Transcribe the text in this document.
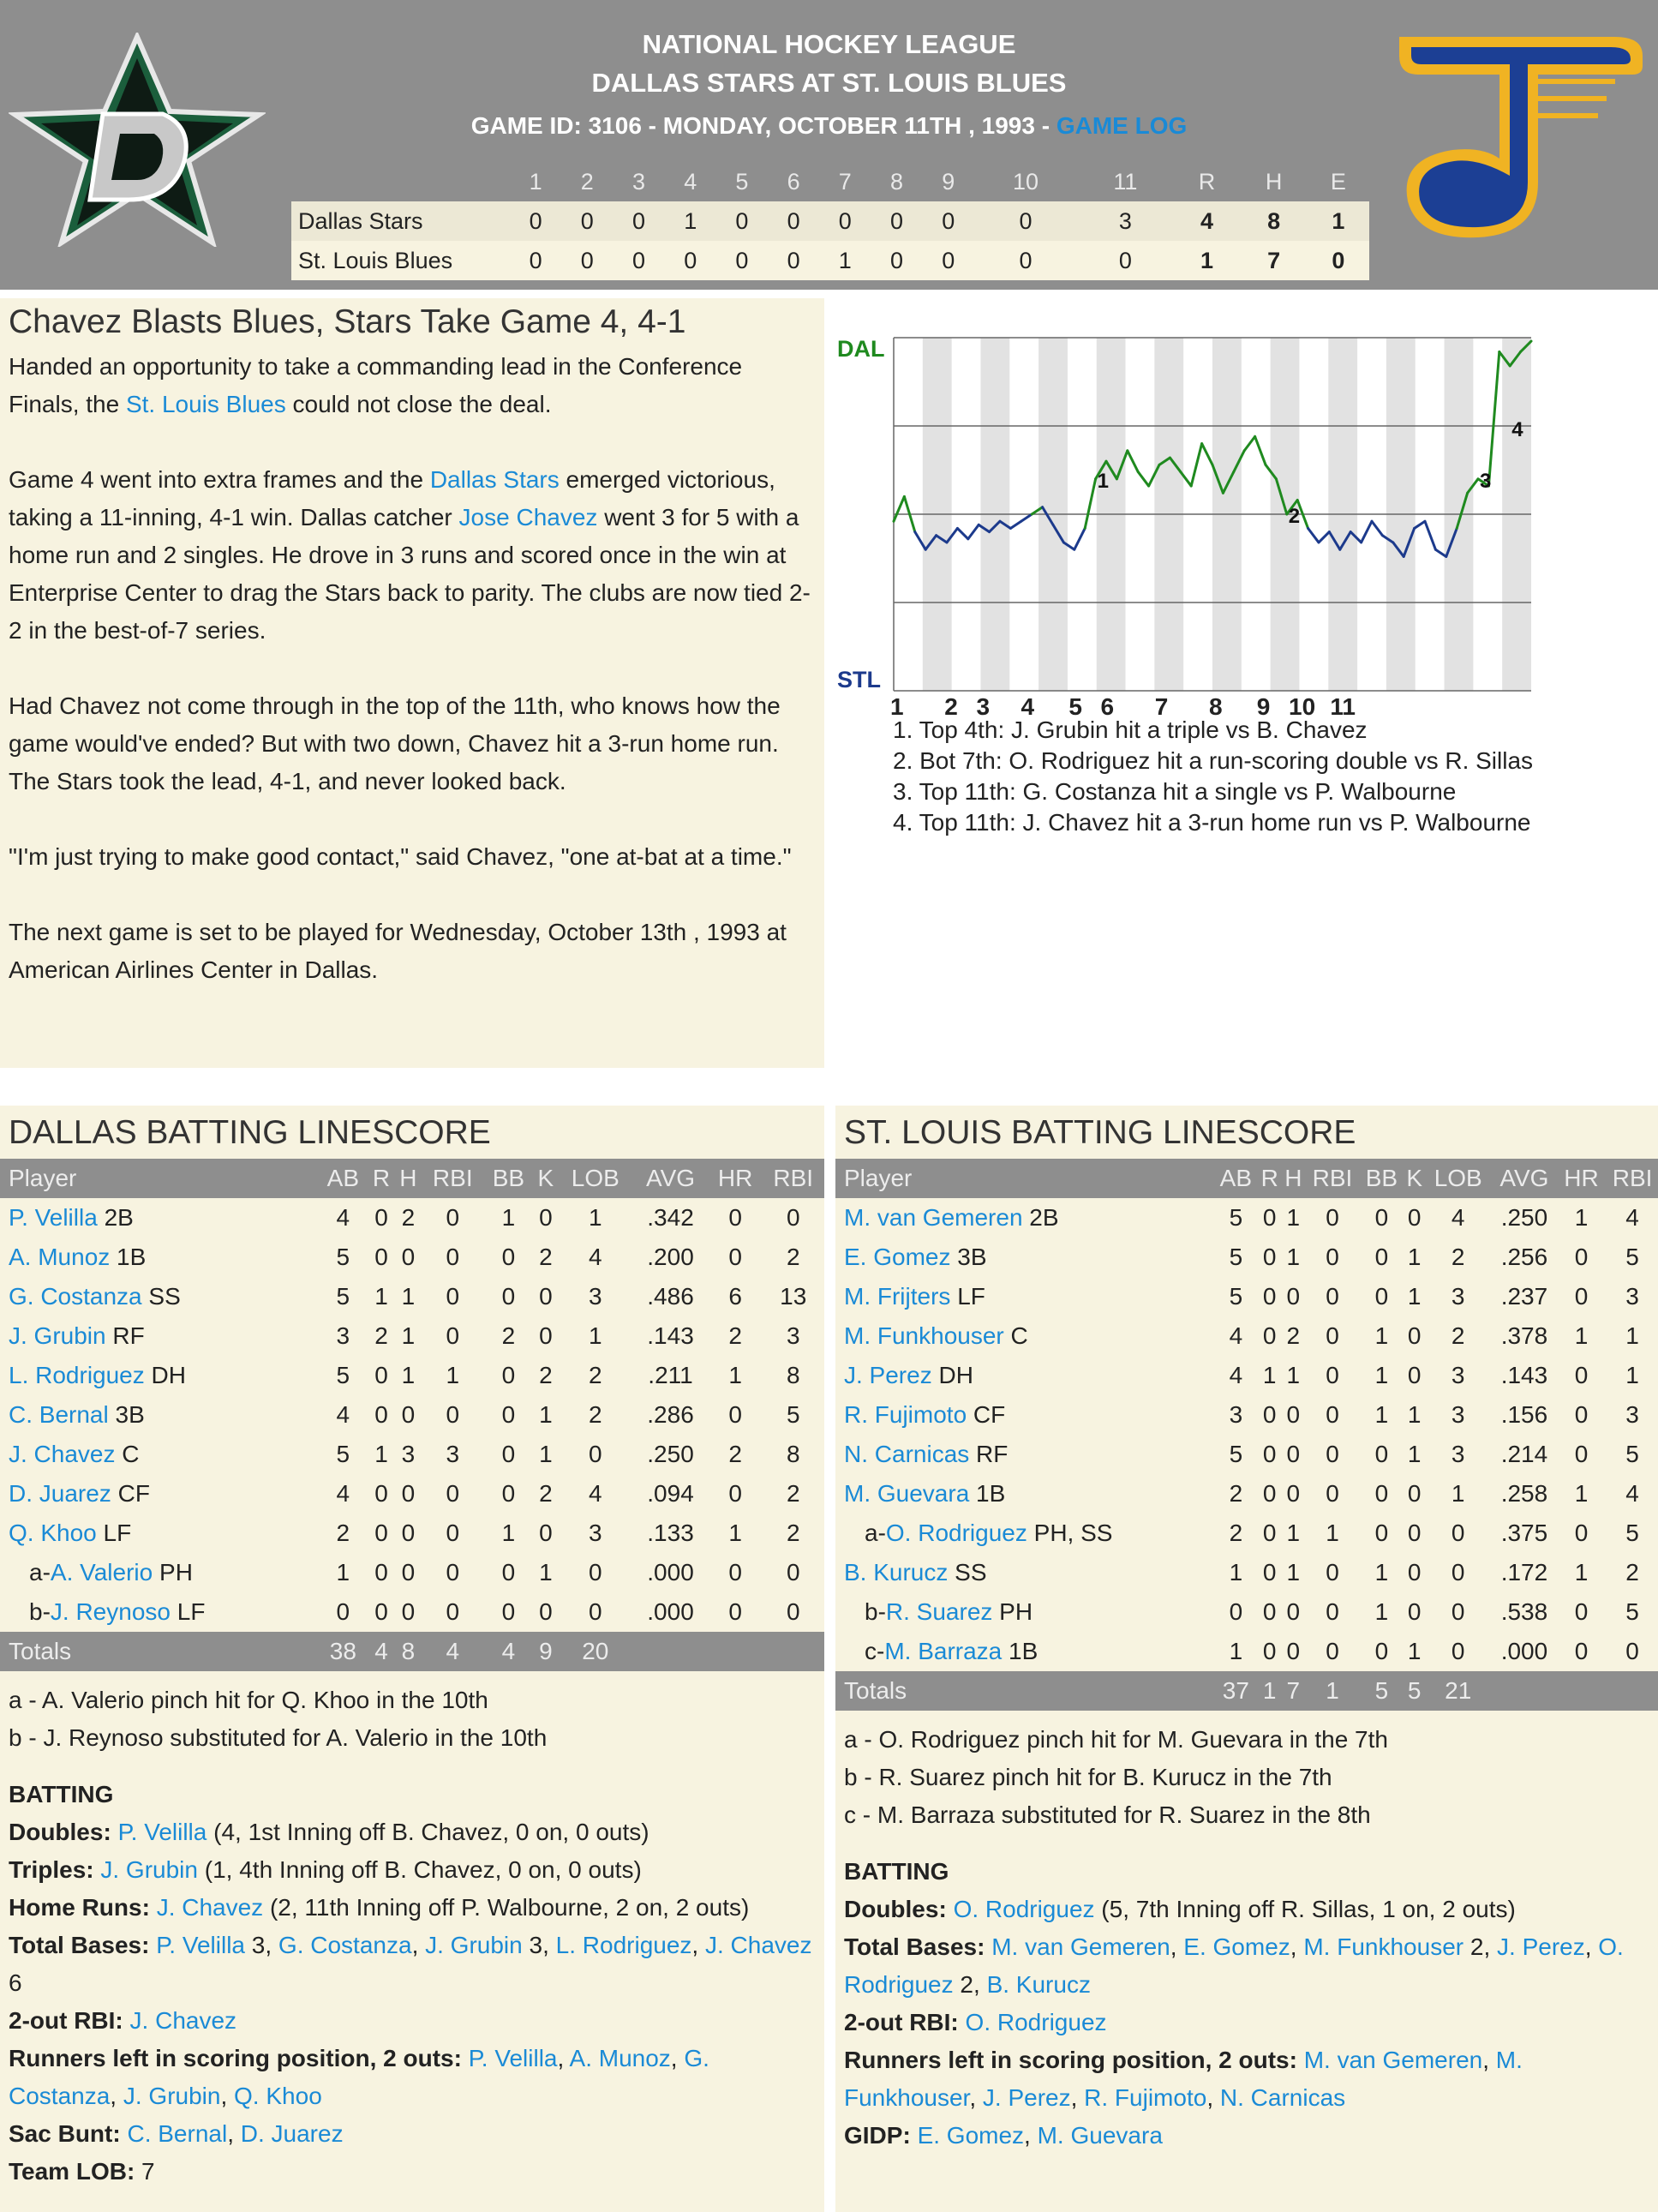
NATIONAL HOCKEY LEAGUE
DALLAS STARS AT ST. LOUIS BLUES
GAME ID: 3106 - MONDAY, OCTOBER 11TH , 1993 - GAME LOG
	1	2	3	4	5	6	7	8	9	10	11	R	H	E
Dallas Stars	0	0	0	1	0	0	0	0	0	0	3	4	8	1
St. Louis Blues	0	0	0	0	0	0	1	0	0	0	0	1	7	0
Chavez Blasts Blues, Stars Take Game 4, 4-1

Handed an opportunity to take a commanding lead in the Conference Finals, the St. Louis Blues could not close the deal.

Game 4 went into extra frames and the Dallas Stars emerged victorious, taking a 11-inning, 4-1 win. Dallas catcher Jose Chavez went 3 for 5 with a home run and 2 singles. He drove in 3 runs and scored once in the win at Enterprise Center to drag the Stars back to parity. The clubs are now tied 2-2 in the best-of-7 series.

Had Chavez not come through in the top of the 11th, who knows how the game would've ended? But with two down, Chavez hit a 3-run home run. The Stars took the lead, 4-1, and never looked back.

"I'm just trying to make good contact," said Chavez, "one at-bat at a time."

The next game is set to be played for Wednesday, October 13th , 1993 at American Airlines Center in Dallas.

DAL
STL
1 2 3 4 5 6 7 8 9 10 11
1
2
3
4
1. Top 4th: J. Grubin hit a triple vs B. Chavez
2. Bot 7th: O. Rodriguez hit a run-scoring double vs R. Sillas
3. Top 11th: G. Costanza hit a single vs P. Walbourne
4. Top 11th: J. Chavez hit a 3-run home run vs P. Walbourne
DALLAS BATTING LINESCORE
Player	AB	R	H	RBI	BB	K	LOB	AVG	HR	RBI
P. Velilla 2B	4	0	2	0	1	0	1	.342	0	0
A. Munoz 1B	5	0	0	0	0	2	4	.200	0	2
G. Costanza SS	5	1	1	0	0	0	3	.486	6	13
J. Grubin RF	3	2	1	0	2	0	1	.143	2	3
L. Rodriguez DH	5	0	1	1	0	2	2	.211	1	8
C. Bernal 3B	4	0	0	0	0	1	2	.286	0	5
J. Chavez C	5	1	3	3	0	1	0	.250	2	8
D. Juarez CF	4	0	0	0	0	2	4	.094	0	2
Q. Khoo LF	2	0	0	0	1	0	3	.133	1	2
a-A. Valerio PH	1	0	0	0	0	1	0	.000	0	0
b-J. Reynoso LF	0	0	0	0	0	0	0	.000	0	0
Totals	38	4	8	4	4	9	20			
a - A. Valerio pinch hit for Q. Khoo in the 10th
b - J. Reynoso substituted for A. Valerio in the 10th
BATTING
Doubles: P. Velilla (4, 1st Inning off B. Chavez, 0 on, 0 outs)
Triples: J. Grubin (1, 4th Inning off B. Chavez, 0 on, 0 outs)
Home Runs: J. Chavez (2, 11th Inning off P. Walbourne, 2 on, 2 outs)
Total Bases: P. Velilla 3, G. Costanza, J. Grubin 3, L. Rodriguez, J. Chavez 6
2-out RBI: J. Chavez
Runners left in scoring position, 2 outs: P. Velilla, A. Munoz, G. Costanza, J. Grubin, Q. Khoo
Sac Bunt: C. Bernal, D. Juarez
Team LOB: 7
ST. LOUIS BATTING LINESCORE
Player	AB	R	H	RBI	BB	K	LOB	AVG	HR	RBI
M. van Gemeren 2B	5	0	1	0	0	0	4	.250	1	4
E. Gomez 3B	5	0	1	0	0	1	2	.256	0	5
M. Frijters LF	5	0	0	0	0	1	3	.237	0	3
M. Funkhouser C	4	0	2	0	1	0	2	.378	1	1
J. Perez DH	4	1	1	0	1	0	3	.143	0	1
R. Fujimoto CF	3	0	0	0	1	1	3	.156	0	3
N. Carnicas RF	5	0	0	0	0	1	3	.214	0	5
M. Guevara 1B	2	0	0	0	0	0	1	.258	1	4
a-O. Rodriguez PH, SS	2	0	1	1	0	0	0	.375	0	5
B. Kurucz SS	1	0	1	0	1	0	0	.172	1	2
b-R. Suarez PH	0	0	0	0	1	0	0	.538	0	5
c-M. Barraza 1B	1	0	0	0	0	1	0	.000	0	0
Totals	37	1	7	1	5	5	21			
a - O. Rodriguez pinch hit for M. Guevara in the 7th
b - R. Suarez pinch hit for B. Kurucz in the 7th
c - M. Barraza substituted for R. Suarez in the 8th
BATTING
Doubles: O. Rodriguez (5, 7th Inning off R. Sillas, 1 on, 2 outs)
Total Bases: M. van Gemeren, E. Gomez, M. Funkhouser 2, J. Perez, O. Rodriguez 2, B. Kurucz
2-out RBI: O. Rodriguez
Runners left in scoring position, 2 outs: M. van Gemeren, M. Funkhouser, J. Perez, R. Fujimoto, N. Carnicas
GIDP: E. Gomez, M. Guevara
